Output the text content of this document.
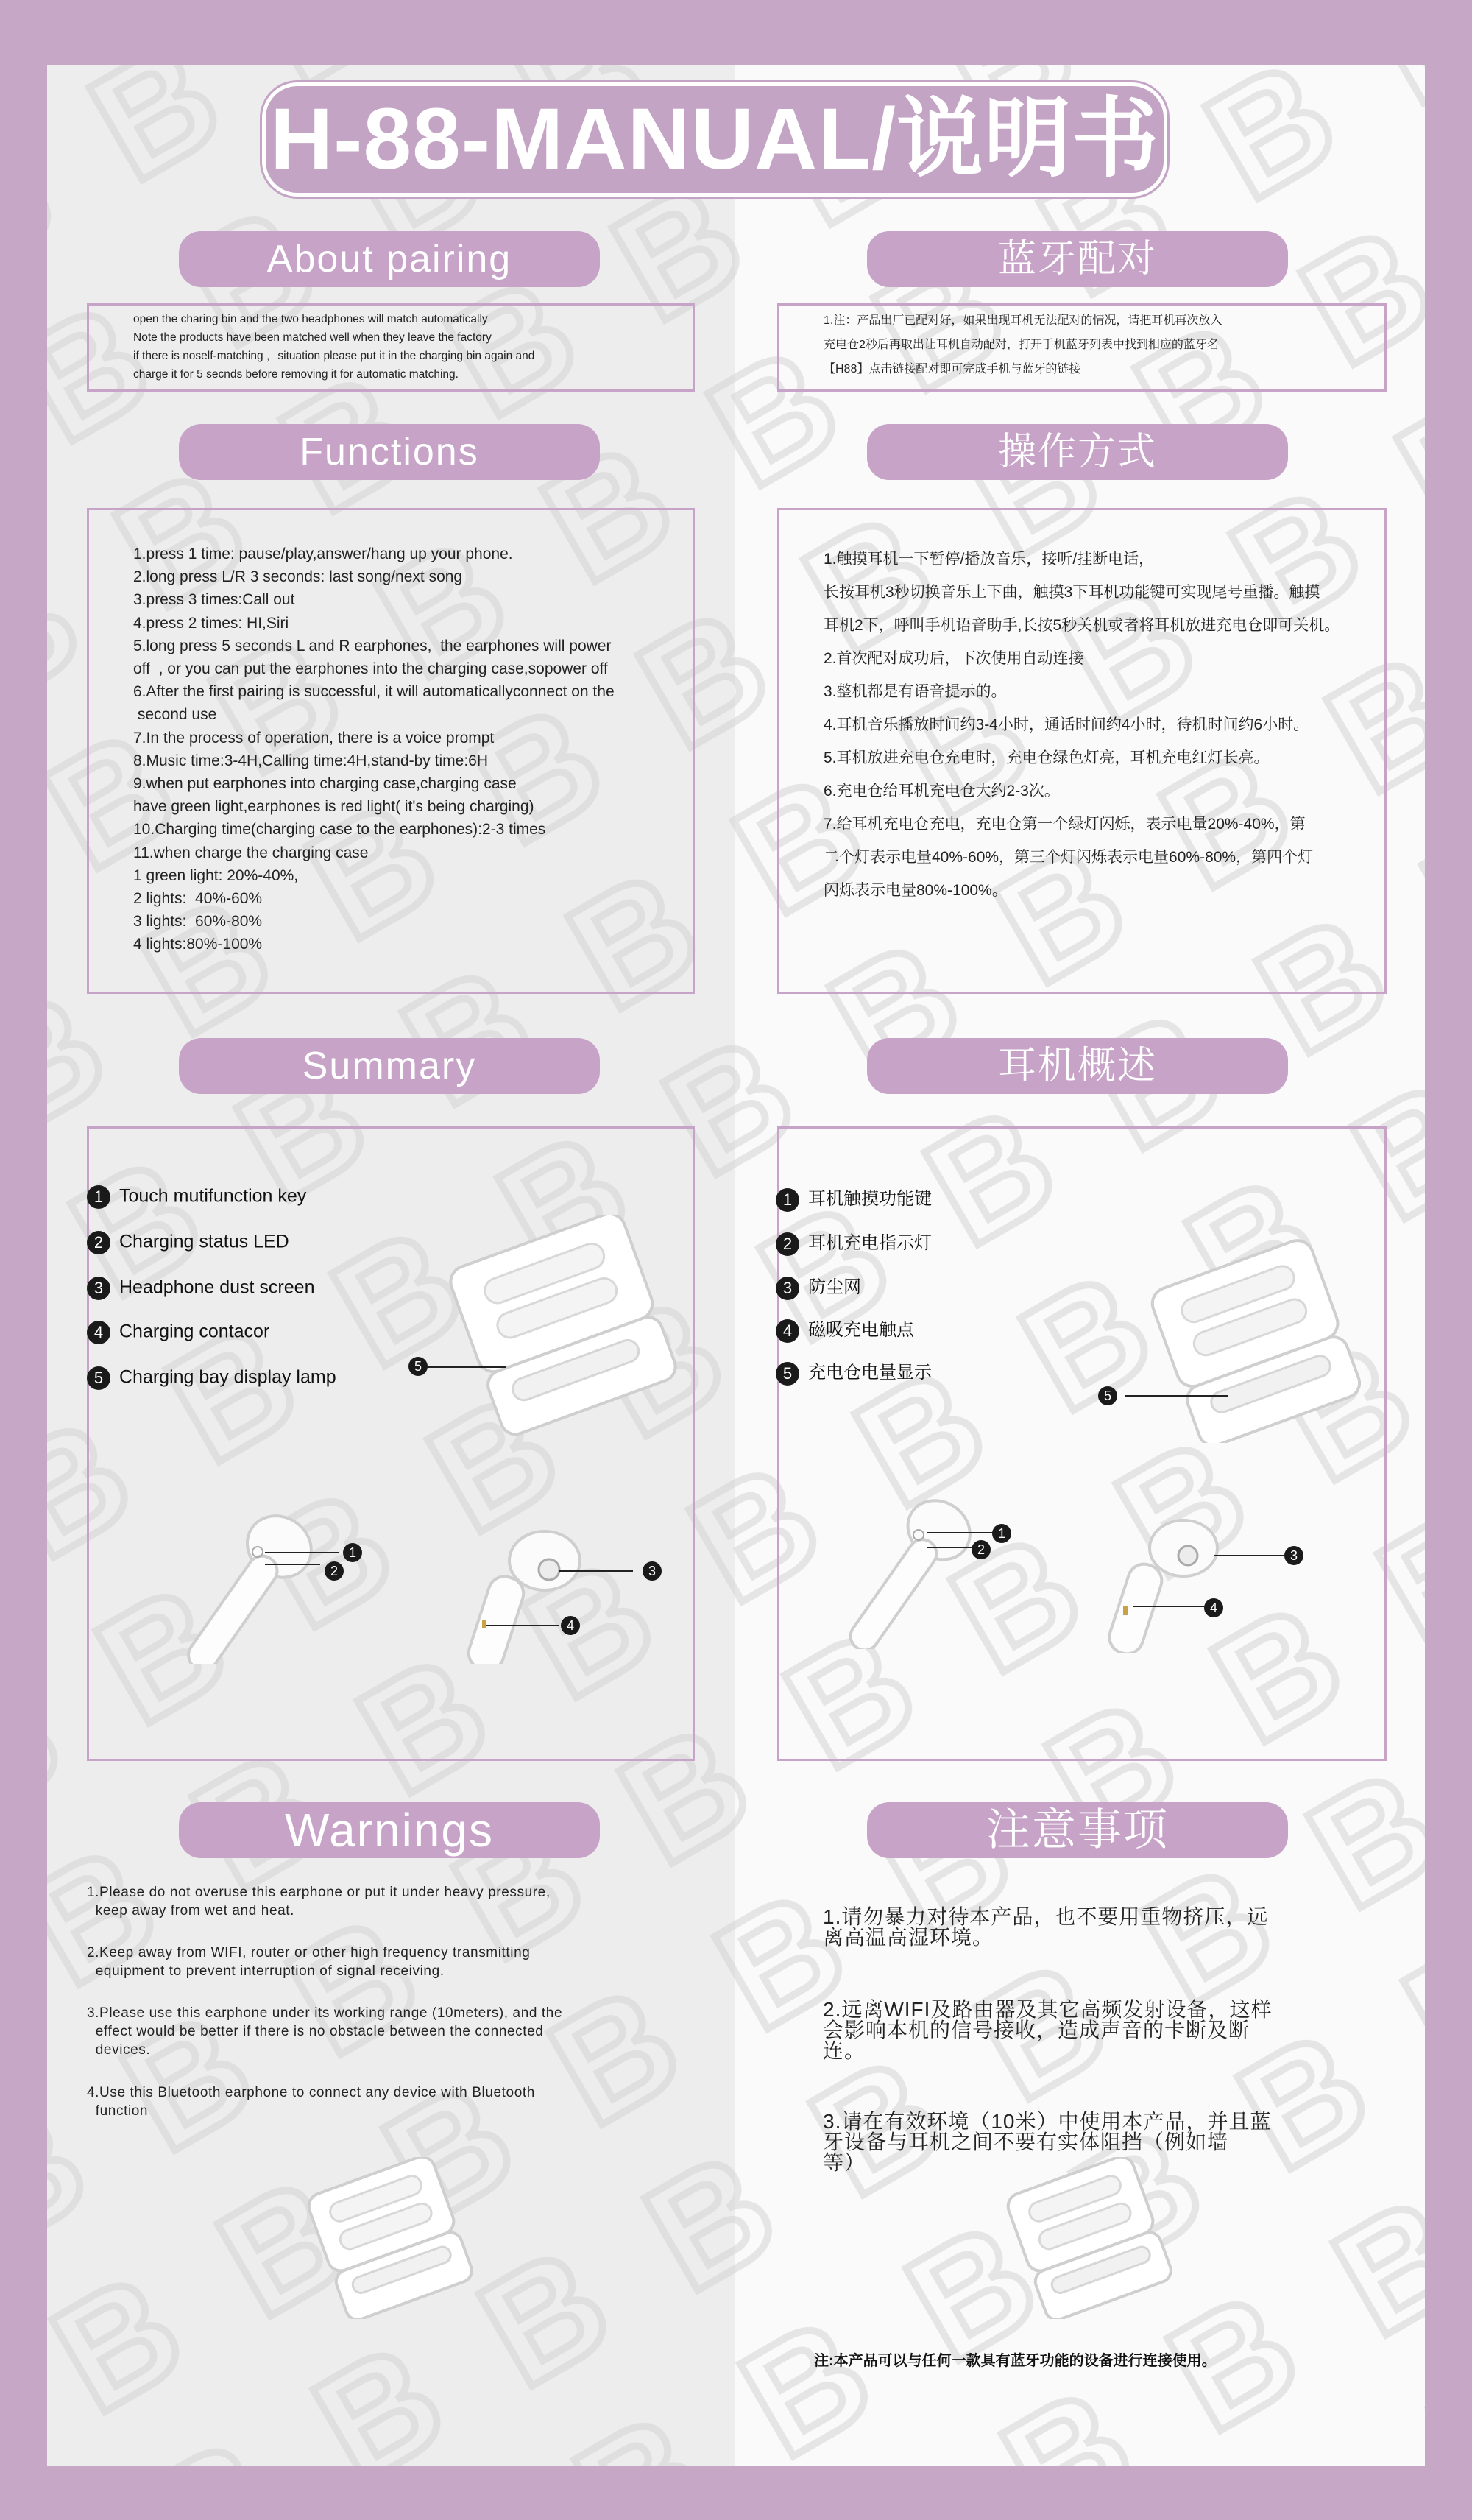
H-88-MANUAL/说明书
About pairing
open the charing bin and the two headphones will match automatically
Note the products have been matched well when they leave the factory
if there is noself-matching ，situation please put it in the charging bin again and
charge it for 5 secnds before removing it for automatic matching.
蓝牙配对
1.注：产品出厂已配对好，如果出现耳机无法配对的情况，请把耳机再次放入
充电仓2秒后再取出让耳机自动配对，打开手机蓝牙列表中找到相应的蓝牙名
【H88】点击链接配对即可完成手机与蓝牙的链接
Functions
1.press 1 time: pause/play,answer/hang up your phone.
2.long press L/R 3 seconds: last song/next song
3.press 3 times:Call out
4.press 2 times: HI,Siri
5.long press 5 seconds L and R earphones,  the earphones will power
off  , or you can put the earphones into the charging case,sopower off
6.After the first pairing is successful, it will automaticallyconnect on the
second use
7.In the process of operation, there is a voice prompt
8.Music time:3-4H,Calling time:4H,stand-by time:6H
9.when put earphones into charging case,charging case
have green light,earphones is red light( it's being charging)
10.Charging time(charging case to the earphones):2-3 times
11.when charge the charging case
1 green light: 20%-40%,
2 lights:  40%-60%
3 lights:  60%-80%
4 lights:80%-100%
操作方式
1.触摸耳机一下暂停/播放音乐，接听/挂断电话，
长按耳机3秒切换音乐上下曲，触摸3下耳机功能键可实现尾号重播。触摸
耳机2下，呼叫手机语音助手,长按5秒关机或者将耳机放进充电仓即可关机。
2.首次配对成功后，下次使用自动连接
3.整机都是有语音提示的。
4.耳机音乐播放时间约3-4小时，通话时间约4小时，待机时间约6小时。
5.耳机放进充电仓充电时，充电仓绿色灯亮，耳机充电红灯长亮。
6.充电仓给耳机充电仓大约2-3次。
7.给耳机充电仓充电，充电仓第一个绿灯闪烁，表示电量20%-40%，第
二个灯表示电量40%-60%，第三个灯闪烁表示电量60%-80%，第四个灯
闪烁表示电量80%-100%。
Summary
1 Touch mutifunction key
2 Charging status LED
3 Headphone dust screen
4 Charging contacor
5 Charging bay display lamp
5
1
2	3
4
耳机概述
1 耳机触摸功能键
2 耳机充电指示灯
3 防尘网
4 磁吸充电触点
5 充电仓电量显示
5
1
2	3
4
Warnings
1.Please do not overuse this earphone or put it under heavy pressure,
keep away from wet and heat.
2.Keep away from WIFI, router or other high frequency transmitting
equipment to prevent interruption of signal receiving.
3.Please use this earphone under its working range (10meters), and the
effect would be better if there is no obstacle between the connected
devices.
4.Use this Bluetooth earphone to connect any device with Bluetooth
function
注意事项
1.请勿暴力对待本产品，也不要用重物挤压，远
离高温高湿环境。
2.远离WIFI及路由器及其它高频发射设备，这样
会影响本机的信号接收，造成声音的卡断及断
连。
3.请在有效环境（10米）中使用本产品，并且蓝
牙设备与耳机之间不要有实体阻挡（例如墙
等）
注:本产品可以与任何一款具有蓝牙功能的设备进行连接使用。
